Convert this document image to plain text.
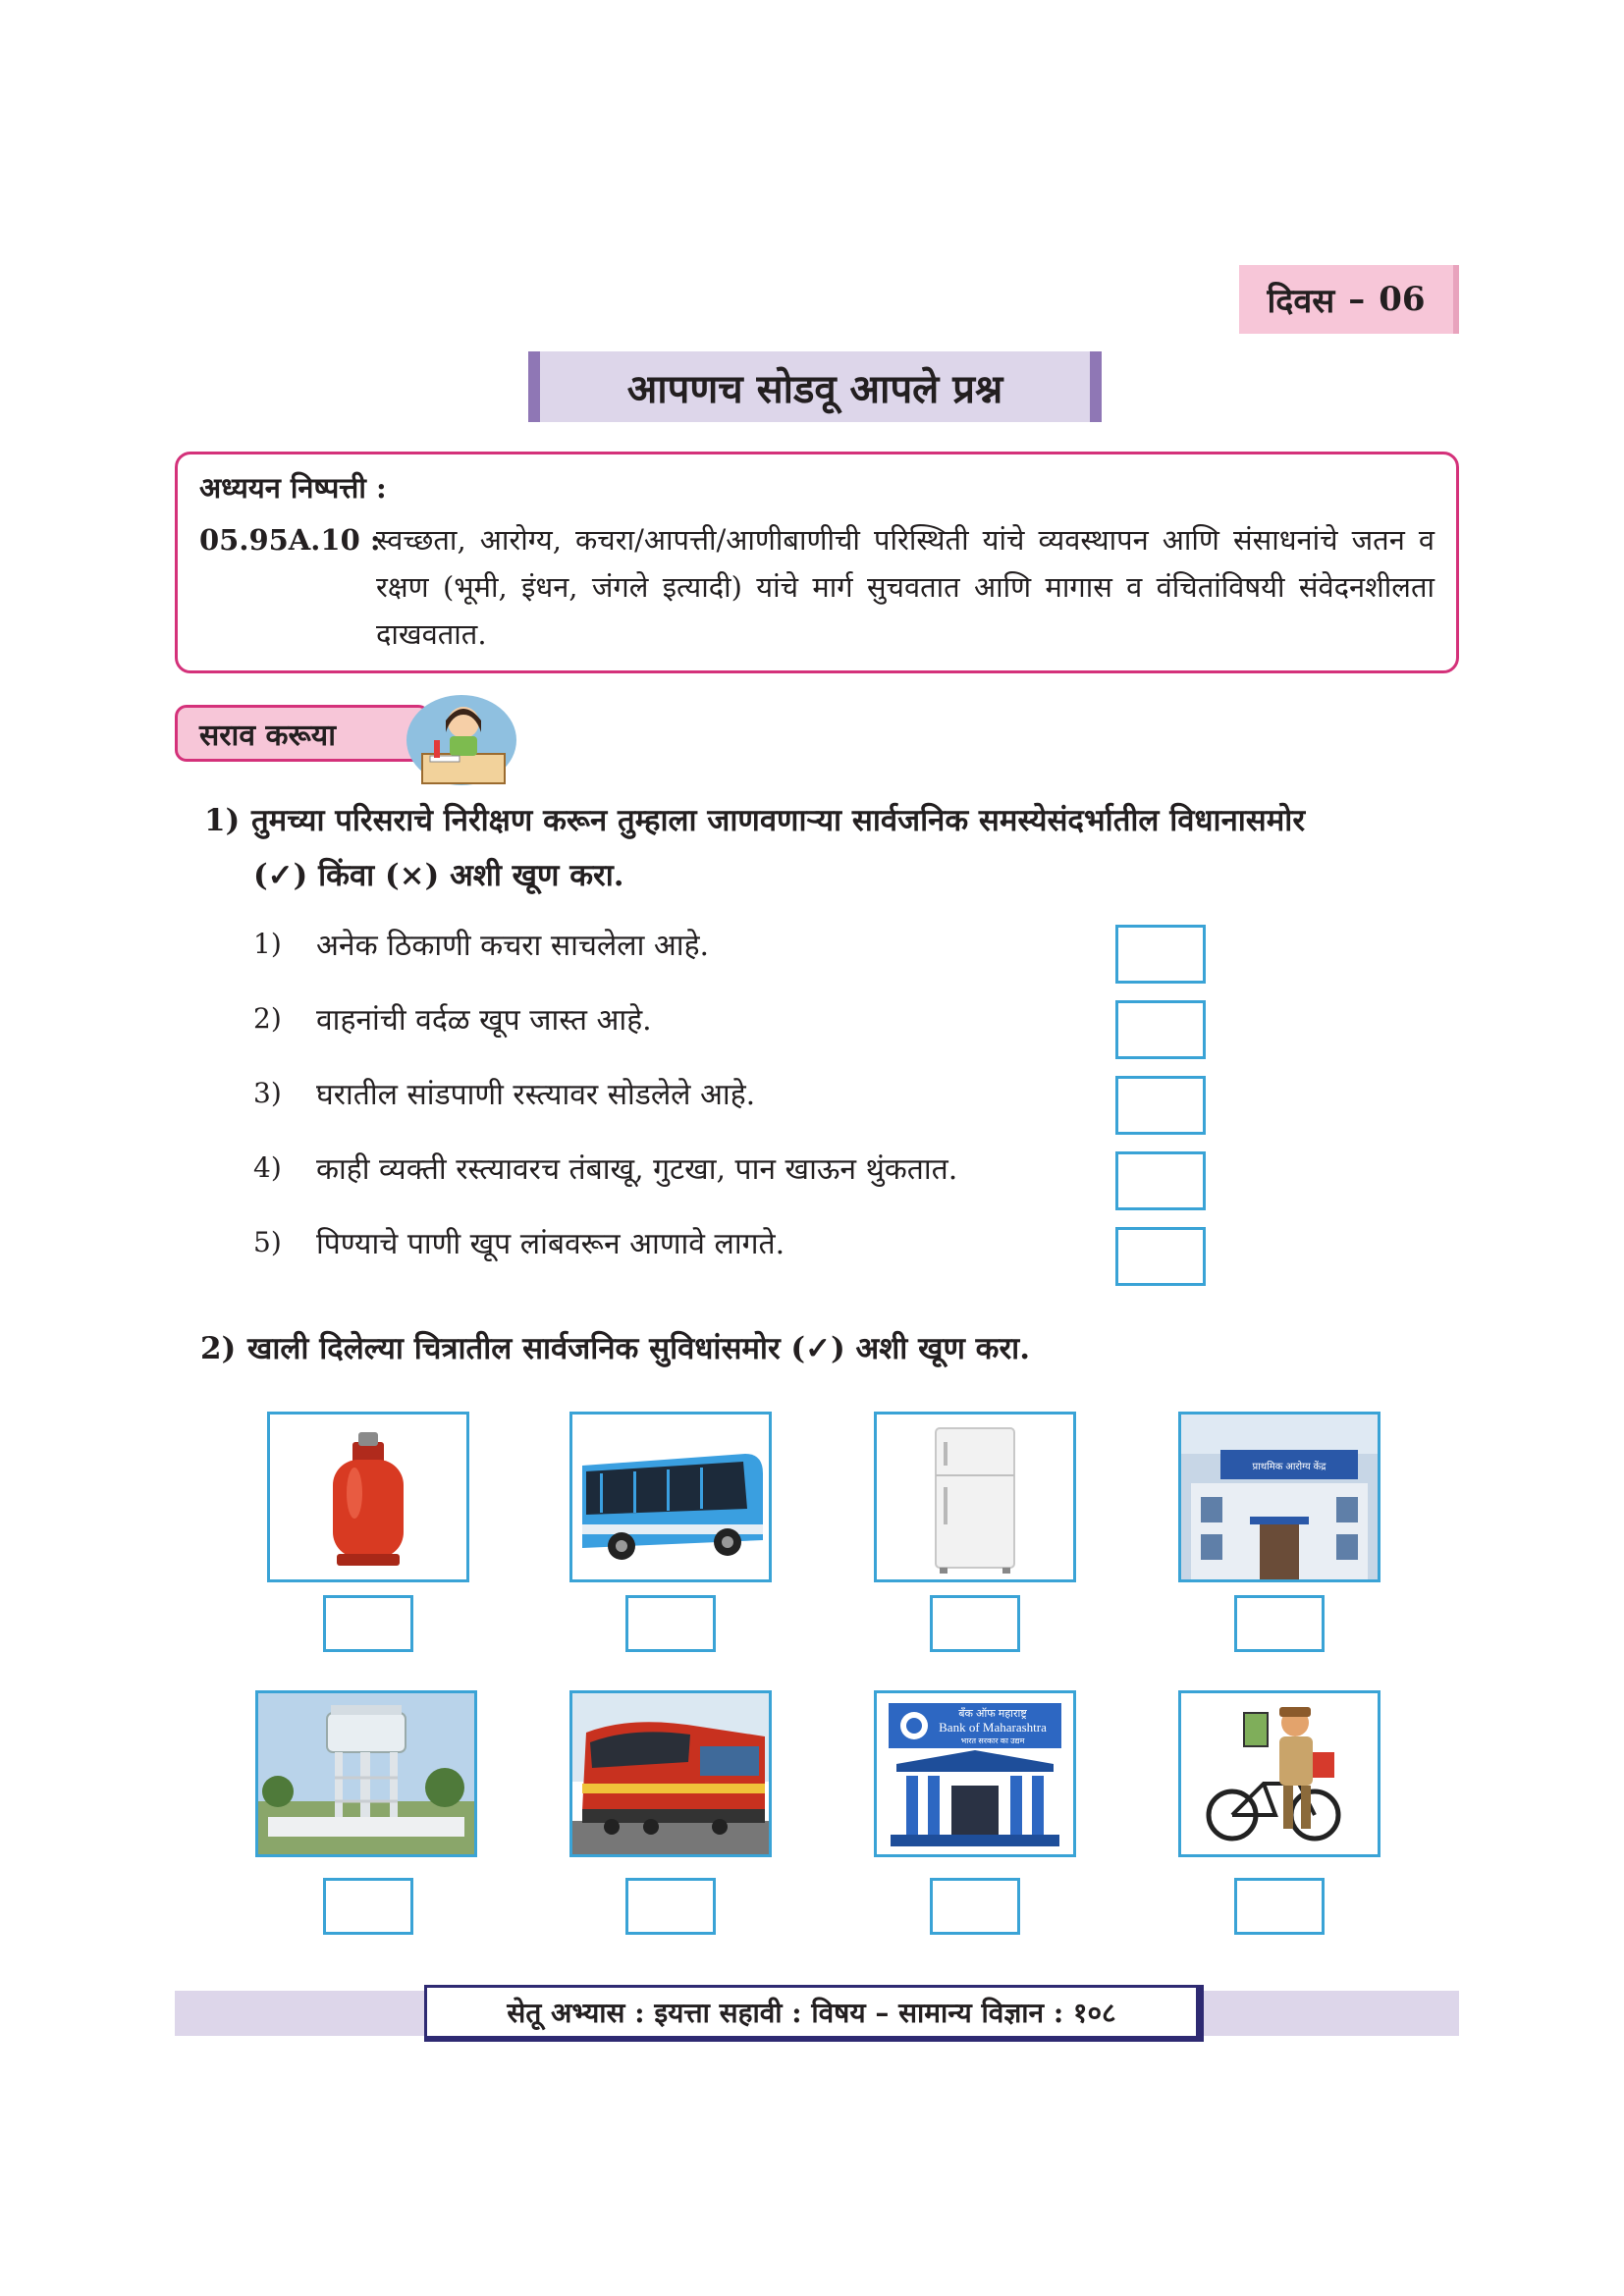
दिवस – 06
आपणच सोडवू आपले प्रश्न
अध्ययन निष्पत्ती :
05.95A.10 :
स्वच्छता, आरोग्य, कचरा/आपत्ती/आणीबाणीची परिस्थिती यांचे व्यवस्थापन आणि संसाधनांचे जतन व रक्षण (भूमी, इंधन, जंगले इत्यादी) यांचे मार्ग सुचवतात आणि मागास व वंचितांविषयी संवेदनशीलता दाखवतात.
सराव करूया
1) तुमच्या परिसराचे निरीक्षण करून तुम्हाला जाणवणाऱ्या सार्वजनिक समस्येसंदर्भातील विधानासमोर
(✓) किंवा (×) अशी खूण करा.
1)	अनेक ठिकाणी कचरा साचलेला आहे.
2)	वाहनांची वर्दळ खूप जास्त आहे.
3)	घरातील सांडपाणी रस्त्यावर सोडलेले आहे.
4)	काही व्यक्ती रस्त्यावरच तंबाखू, गुटखा, पान खाऊन थुंकतात.
5)	पिण्याचे पाणी खूप लांबवरून आणावे लागते.
2) खाली दिलेल्या चित्रातील सार्वजनिक सुविधांसमोर (✓) अशी खूण करा.
प्राथमिक आरोग्य केंद्र
बँक ऑफ महाराष्ट्र
Bank of Maharashtra
भारत सरकार का उद्यम
सेतू अभ्यास : इयत्ता सहावी : विषय – सामान्य विज्ञान : १०८
